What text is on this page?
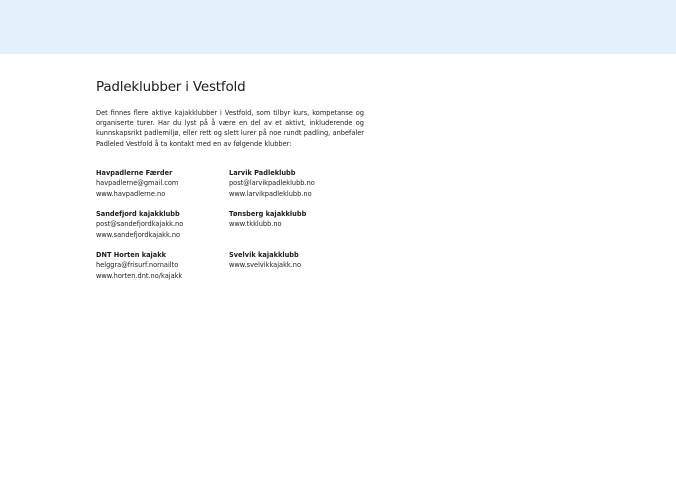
Padleklubber i Vestfold

Det finnes flere aktive kajakklubber i Vestfold, som tilbyr kurs, kompetanse og organiserte turer. Har du lyst på å være en del av et aktivt, inkluderende og kunnskapsrikt padlemiljø, eller rett og slett lurer på noe rundt padling, anbefaler Padleled Vestfold å ta kontakt med en av følgende klubber:

Havpadlerne Færder
havpadlerne@gmail.com
www.havpadlerne.no
Larvik Padleklubb
post@larvikpadleklubb.no
www.larvikpadleklubb.no
Sandefjord kajakklubb
post@sandefjordkajakk.no
www.sandefjordkajakk.no
Tønsberg kajakklubb
www.tkklubb.no
DNT Horten kajakk
helggra@frisurf.nornailto
www.horten.dnt.no/kajakk
Svelvik kajakklubb
www.svelvikkajakk.no
